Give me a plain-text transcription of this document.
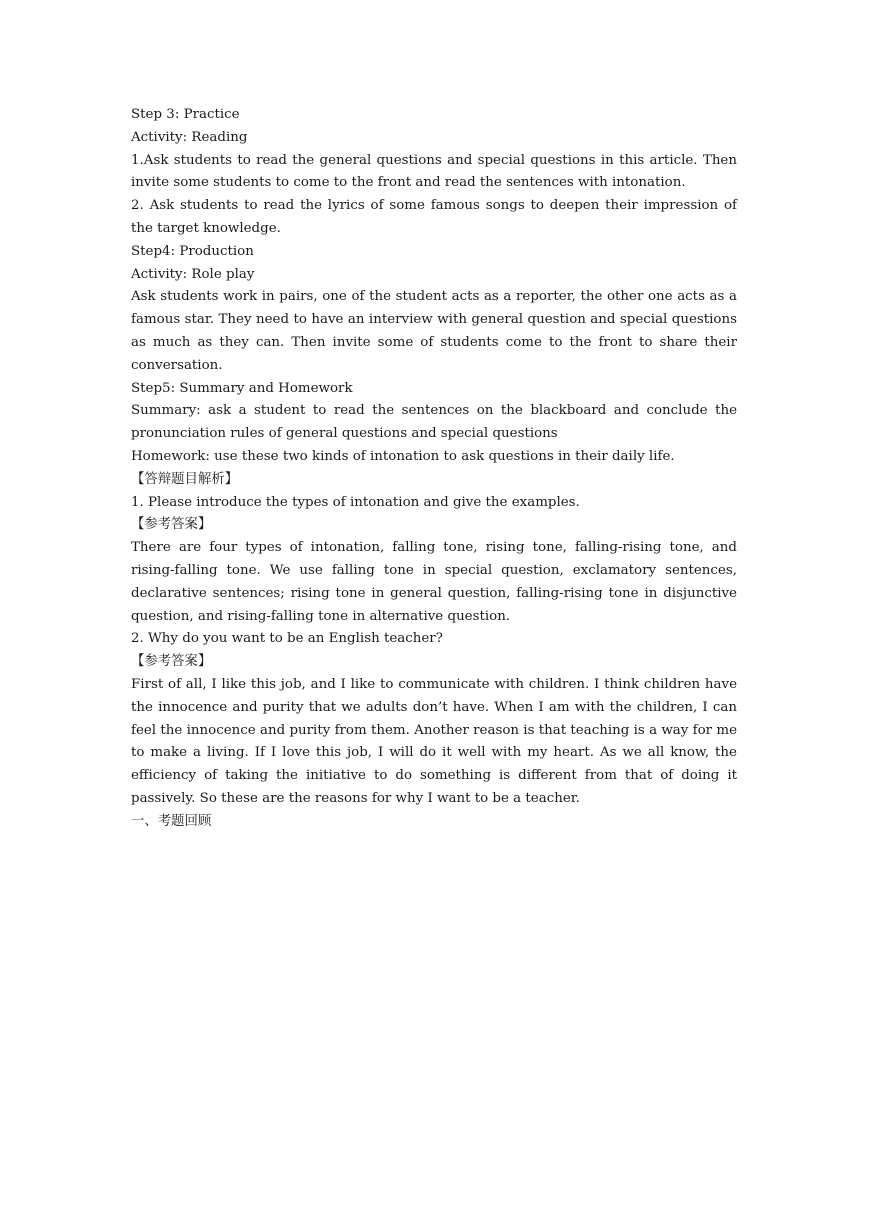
Step 3: Practice

Activity: Reading

1.Ask students to read the general questions and special questions in this article. Then invite some students to come to the front and read the sentences with intonation.

2. Ask students to read the lyrics of some famous songs to deepen their impression of the target knowledge.

Step4: Production

Activity: Role play

Ask students work in pairs, one of the student acts as a reporter, the other one acts as a famous star. They need to have an interview with general question and special questions as much as they can. Then invite some of students come to the front to share their conversation.

Step5: Summary and Homework

Summary: ask a student to read the sentences on the blackboard and conclude the pronunciation rules of general questions and special questions

Homework: use these two kinds of intonation to ask questions in their daily life.

【答辩题目解析】

1. Please introduce the types of intonation and give the examples.

【参考答案】

There are four types of intonation, falling tone, rising tone, falling-rising tone, and rising-falling tone. We use falling tone in special question, exclamatory sentences, declarative sentences; rising tone in general question, falling-rising tone in disjunctive question, and rising-falling tone in alternative question.

2. Why do you want to be an English teacher?

【参考答案】

First of all, I like this job, and I like to communicate with children. I think children have the innocence and purity that we adults don’t have. When I am with the children, I can feel the innocence and purity from them. Another reason is that teaching is a way for me to make a living. If I love this job, I will do it well with my heart. As we all know, the efficiency of taking the initiative to do something is different from that of doing it passively. So these are the reasons for why I want to be a teacher.

一、考题回顾
